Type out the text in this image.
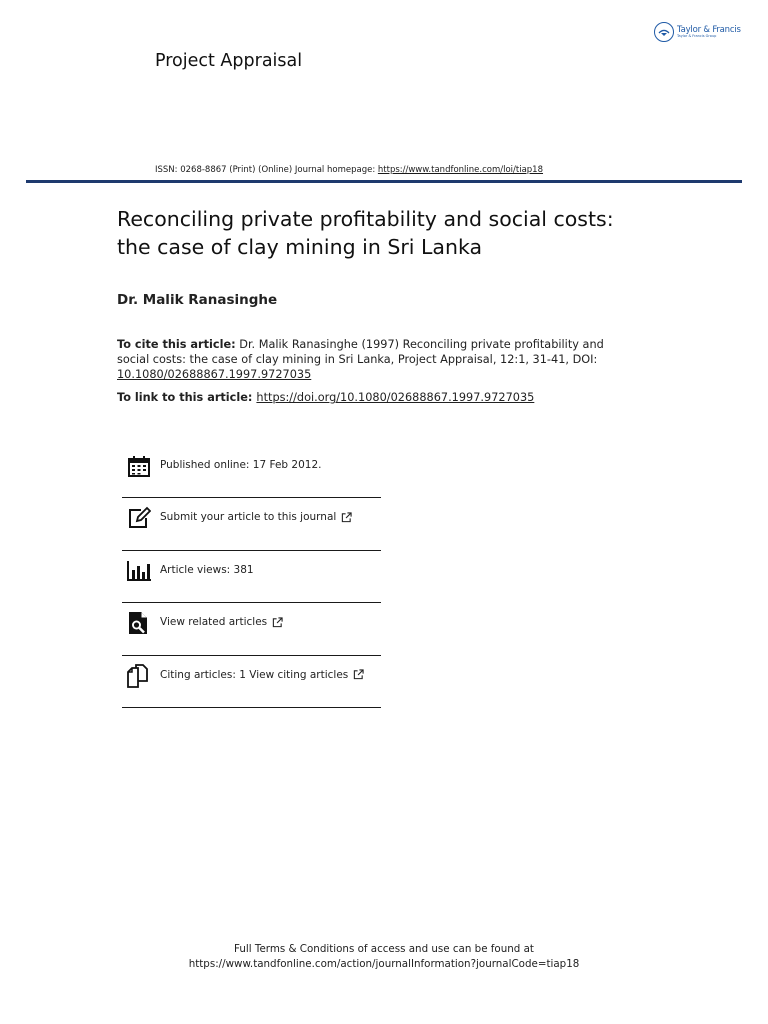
Taylor & Francis
Taylor & Francis Group
Project Appraisal
ISSN: 0268-8867 (Print) (Online) Journal homepage: https://www.tandfonline.com/loi/tiap18
Reconciling private profitability and social costs:
the case of clay mining in Sri Lanka
Dr. Malik Ranasinghe
To cite this article: Dr. Malik Ranasinghe (1997) Reconciling private profitability and social costs: the case of clay mining in Sri Lanka, Project Appraisal, 12:1, 31-41, DOI: 10.1080/02688867.1997.9727035
To link to this article: https://doi.org/10.1080/02688867.1997.9727035
Published online: 17 Feb 2012.
Submit your article to this journal
Article views: 381
View related articles
Citing articles: 1 View citing articles
Full Terms & Conditions of access and use can be found at
https://www.tandfonline.com/action/journalInformation?journalCode=tiap18
